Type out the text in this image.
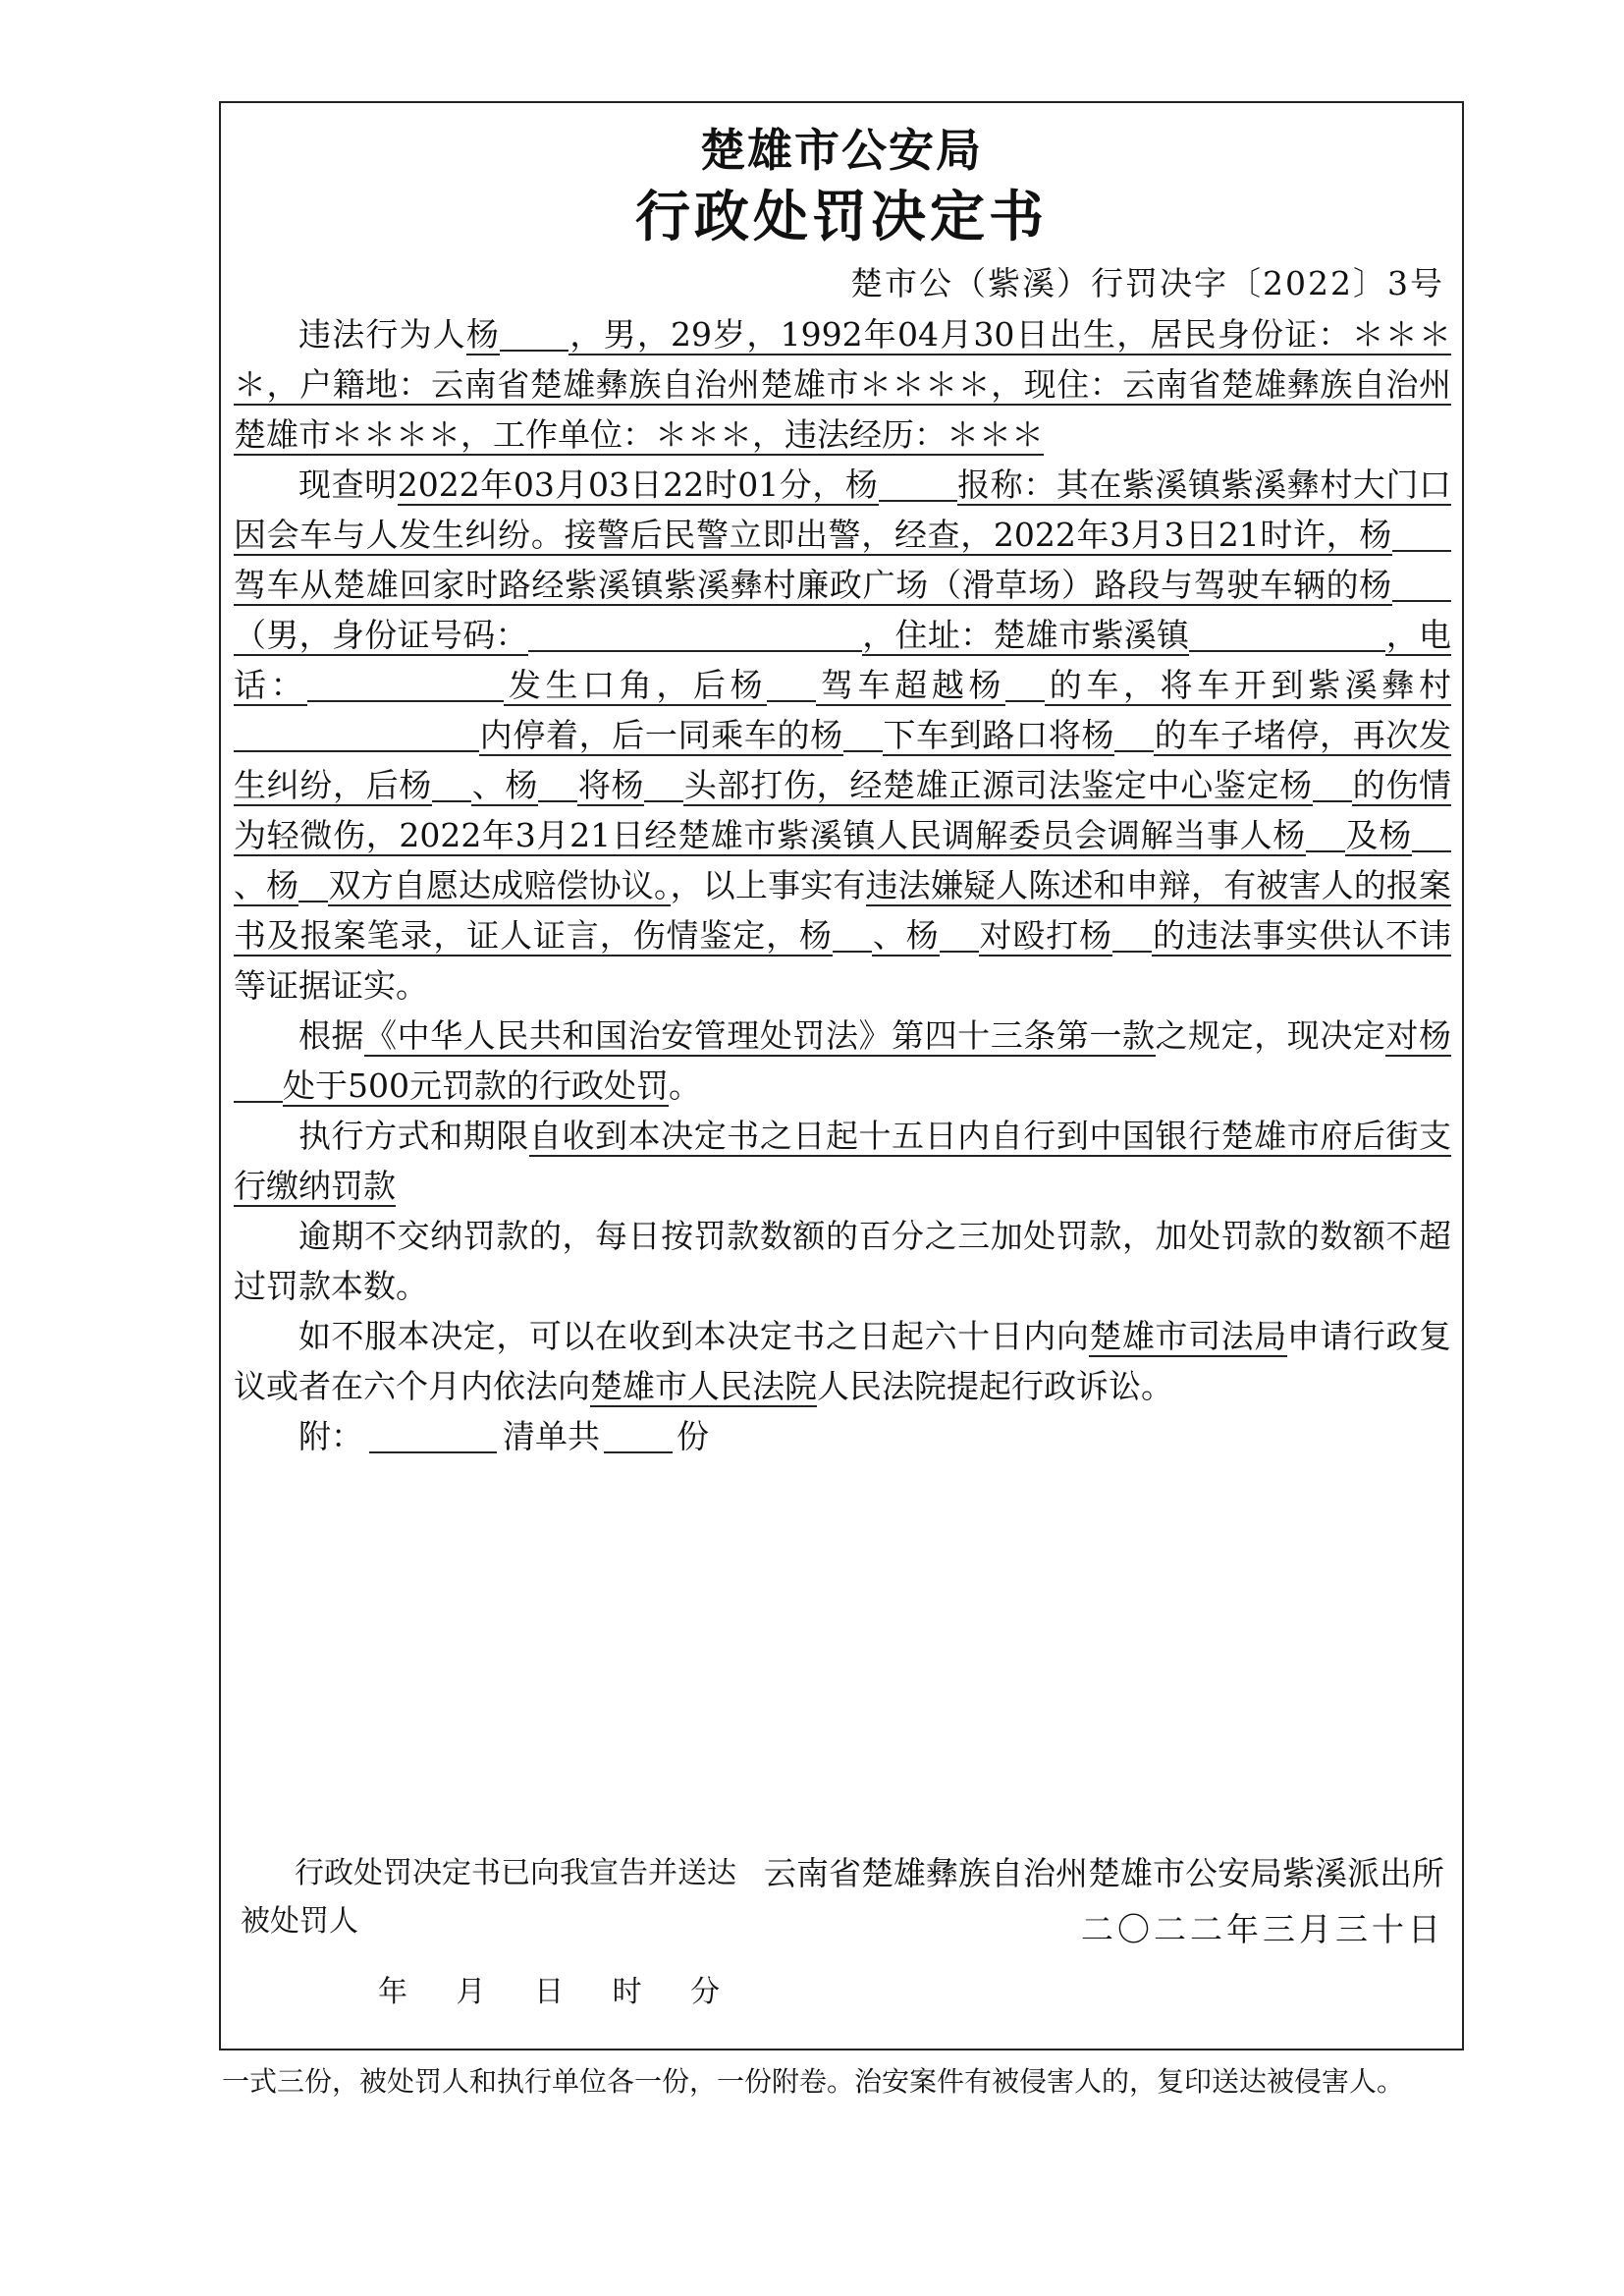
楚雄市公安局
行政处罚决定书
楚市公（紫溪）行罚决字〔2022〕3号

违法行为人杨 ，男，29岁，1992年04月30日出生，居民身份证：＊＊＊＊，户籍地：云南省楚雄彝族自治州楚雄市＊＊＊＊，现住：云南省楚雄彝族自治州楚雄市＊＊＊＊，工作单位：＊＊＊，违法经历：＊＊＊

现查明2022年03月03日22时01分，杨 报称：其在紫溪镇紫溪彝村大门口因会车与人发生纠纷。接警后民警立即出警，经查，2022年3月3日21时许，杨驾车从楚雄回家时路经紫溪镇紫溪彝村廉政广场（滑草场）路段与驾驶车辆的杨（男，身份证号码：	，住址：楚雄市紫溪镇	，电话：	发生口角，后杨 驾车超越杨 的车，将车开到紫溪彝村内停着，后一同乘车的杨 下车到路口将杨 的车子堵停，再次发生纠纷，后杨 、杨 将杨 头部打伤，经楚雄正源司法鉴定中心鉴定杨 的伤情为轻微伤，2022年3月21日经楚雄市紫溪镇人民调解委员会调解当事人杨 及杨、杨 双方自愿达成赔偿协议。，以上事实有违法嫌疑人陈述和申辩，有被害人的报案书及报案笔录，证人证言，伤情鉴定，杨 、杨 对殴打杨 的违法事实供认不讳等证据证实。

根据《中华人民共和国治安管理处罚法》第四十三条第一款之规定，现决定对杨处于500元罚款的行政处罚。

执行方式和期限自收到本决定书之日起十五日内自行到中国银行楚雄市府后街支行缴纳罚款

逾期不交纳罚款的，每日按罚款数额的百分之三加处罚款，加处罚款的数额不超过罚款本数。

如不服本决定，可以在收到本决定书之日起六十日内向楚雄市司法局申请行政复议或者在六个月内依法向楚雄市人民法院人民法院提起行政诉讼。

附：	清单共 份

行政处罚决定书已向我宣告并送达
被处罚人
年 月 日 时 分
云南省楚雄彝族自治州楚雄市公安局紫溪派出所
二〇二二年三月三十日
一式三份，被处罚人和执行单位各一份，一份附卷。治安案件有被侵害人的，复印送达被侵害人。
